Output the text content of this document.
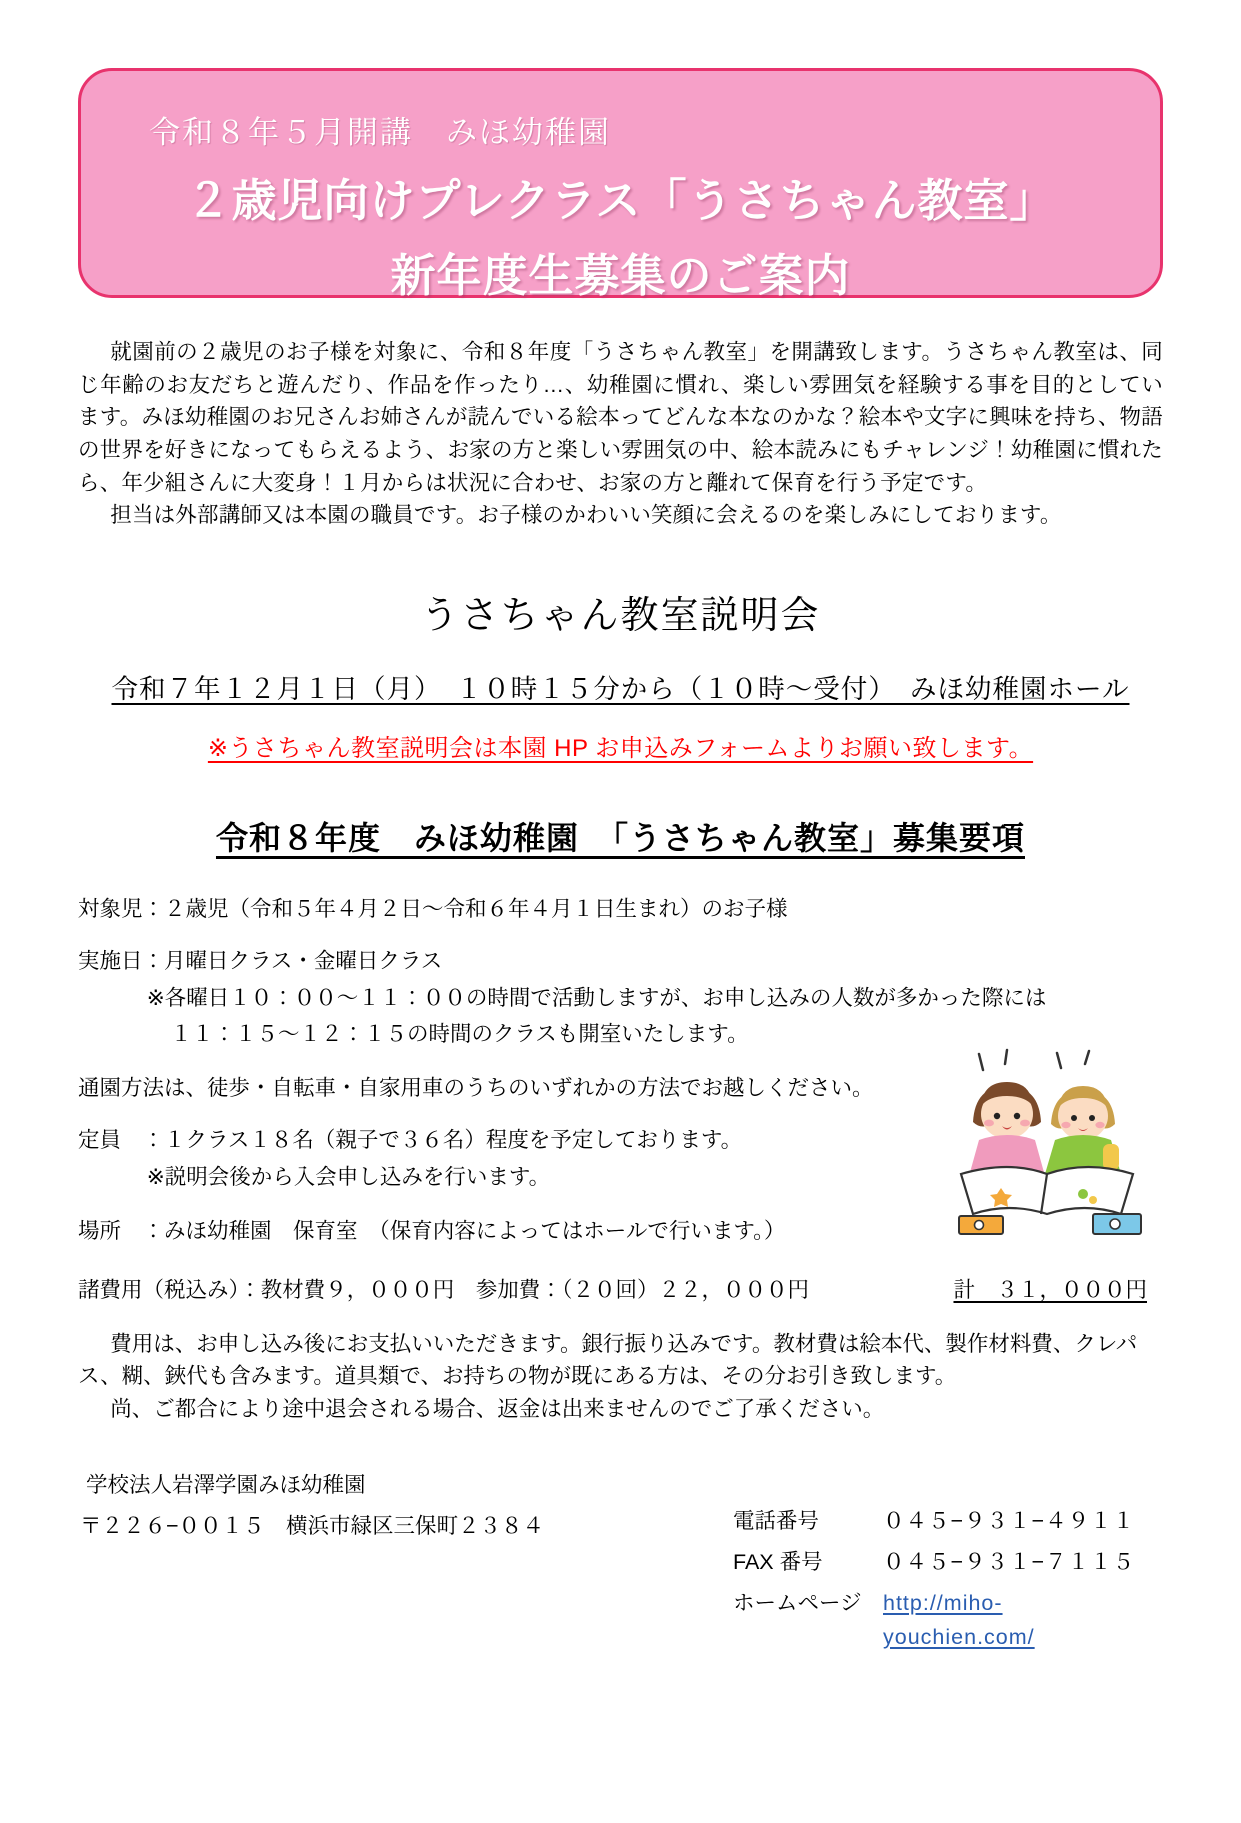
令和８年５月開講　みほ幼稚園
２歳児向けプレクラス「うさちゃん教室」
新年度生募集のご案内

就園前の２歳児のお子様を対象に、令和８年度「うさちゃん教室」を開講致します。うさちゃん教室は、同じ年齢のお友だちと遊んだり、作品を作ったり…、幼稚園に慣れ、楽しい雰囲気を経験する事を目的としています。みほ幼稚園のお兄さんお姉さんが読んでいる絵本ってどんな本なのかな？絵本や文字に興味を持ち、物語の世界を好きになってもらえるよう、お家の方と楽しい雰囲気の中、絵本読みにもチャレンジ！幼稚園に慣れたら、年少組さんに大変身！１月からは状況に合わせ、お家の方と離れて保育を行う予定です。

担当は外部講師又は本園の職員です。お子様のかわいい笑顔に会えるのを楽しみにしております。

うさちゃん教室説明会
令和７年１２月１日（月）　１０時１５分から（１０時〜受付）　みほ幼稚園ホール
※うさちゃん教室説明会は本園 HP お申込みフォームよりお願い致します。
令和８年度　みほ幼稚園　「うさちゃん教室」募集要項
対象児：２歳児（令和５年４月２日〜令和６年４月１日生まれ）のお子様
実施日：月曜日クラス・金曜日クラス
※各曜日１０：００〜１１：００の時間で活動しますが、お申し込みの人数が多かった際には
１１：１５〜１２：１５の時間のクラスも開室いたします。
通園方法は、徒歩・自転車・自家用車のうちのいずれかの方法でお越しください。
定員　：１クラス１８名（親子で３６名）程度を予定しております。
※説明会後から入会申し込みを行います。
場所　：みほ幼稚園　保育室　（保育内容によってはホールで行います。）
諸費用（税込み）：教材費９，０００円　参加費：（２０回）２２，０００円	計　３１，０００円

費用は、お申し込み後にお支払いいただきます。銀行振り込みです。教材費は絵本代、製作材料費、クレパス、糊、鋏代も含みます。道具類で、お持ちの物が既にある方は、その分お引き致します。

尚、ご都合により途中退会される場合、返金は出来ませんのでご了承ください。

学校法人岩澤学園みほ幼稚園
〒２２６−００１５　横浜市緑区三保町２３８４	電話番号	０４５−９３１−４９１１
FAX 番号	０４５−９３１−７１１５
ホームページ http://miho-youchien.com/
